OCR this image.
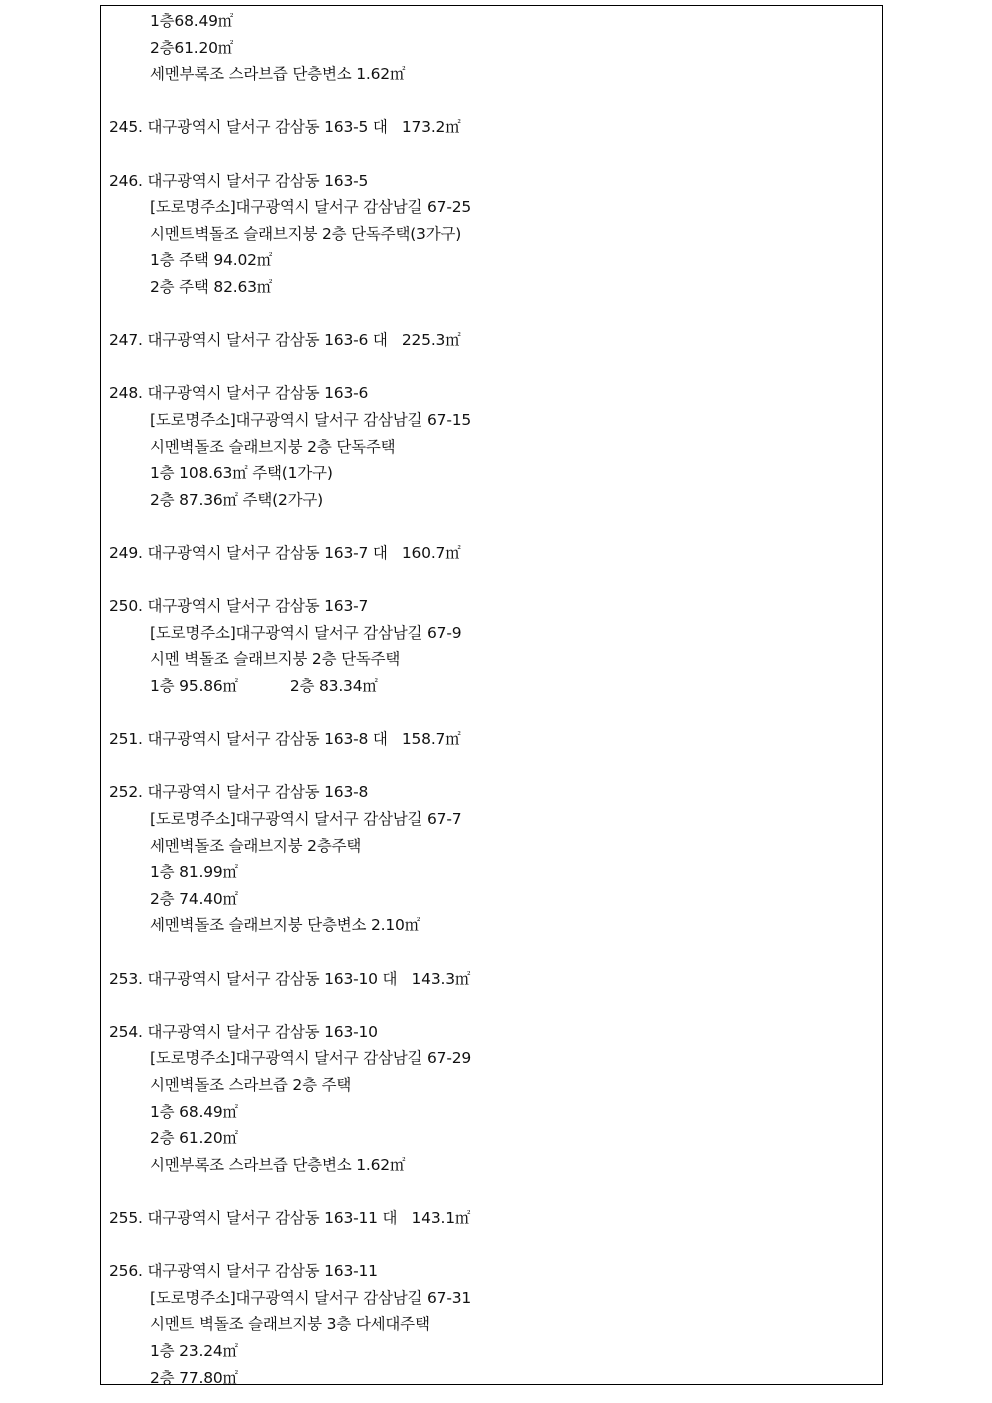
1층68.49㎡
2층61.20㎡
세멘부록조 스라브즙 단층변소 1.62㎡
245. 대구광역시 달서구 감삼동 163-5 대   173.2㎡
246. 대구광역시 달서구 감삼동 163-5
[도로명주소]대구광역시 달서구 감삼남길 67-25
시멘트벽돌조 슬래브지붕 2층 단독주택(3가구)
1층 주택 94.02㎡
2층 주택 82.63㎡
247. 대구광역시 달서구 감삼동 163-6 대   225.3㎡
248. 대구광역시 달서구 감삼동 163-6
[도로명주소]대구광역시 달서구 감삼남길 67-15
시멘벽돌조 슬래브지붕 2층 단독주택
1층 108.63㎡ 주택(1가구)
2층 87.36㎡ 주택(2가구)
249. 대구광역시 달서구 감삼동 163-7 대   160.7㎡
250. 대구광역시 달서구 감삼동 163-7
[도로명주소]대구광역시 달서구 감삼남길 67-9
시멘 벽돌조 슬래브지붕 2층 단독주택
1층 95.86㎡           2층 83.34㎡
251. 대구광역시 달서구 감삼동 163-8 대   158.7㎡
252. 대구광역시 달서구 감삼동 163-8
[도로명주소]대구광역시 달서구 감삼남길 67-7
세멘벽돌조 슬래브지붕 2층주택
1층 81.99㎡
2층 74.40㎡
세멘벽돌조 슬래브지붕 단층변소 2.10㎡
253. 대구광역시 달서구 감삼동 163-10 대   143.3㎡
254. 대구광역시 달서구 감삼동 163-10
[도로명주소]대구광역시 달서구 감삼남길 67-29
시멘벽돌조 스라브즙 2층 주택
1층 68.49㎡
2층 61.20㎡
시멘부록조 스라브즙 단층변소 1.62㎡
255. 대구광역시 달서구 감삼동 163-11 대   143.1㎡
256. 대구광역시 달서구 감삼동 163-11
[도로명주소]대구광역시 달서구 감삼남길 67-31
시멘트 벽돌조 슬래브지붕 3층 다세대주택
1층 23.24㎡
2층 77.80㎡
